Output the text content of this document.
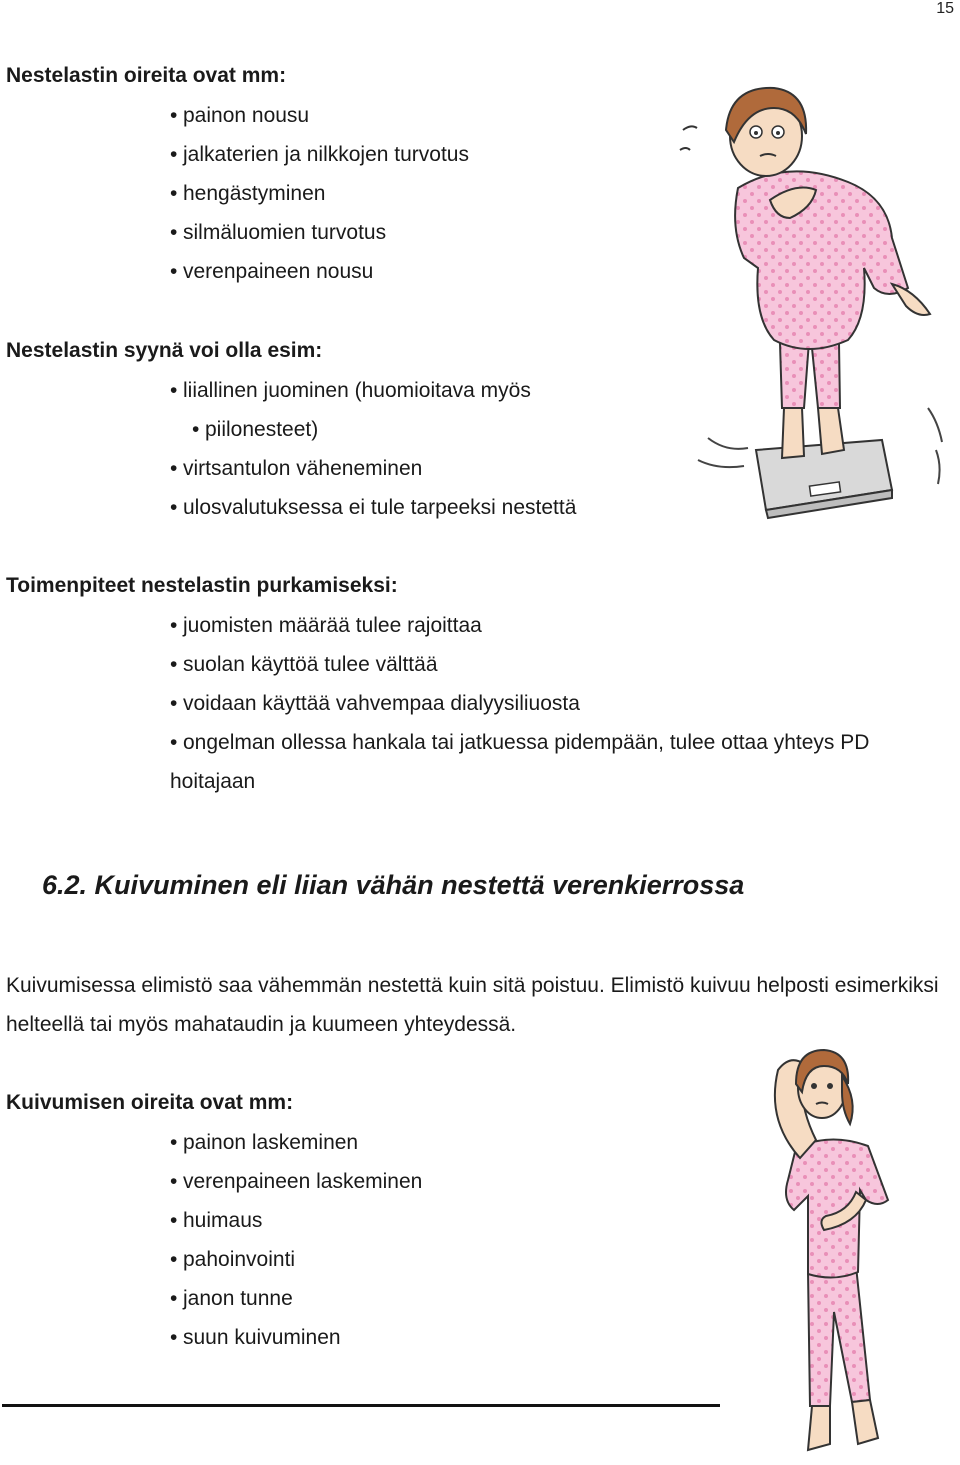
15
Nestelastin oireita ovat mm:
• painon nousu
• jalkaterien ja nilkkojen turvotus
• hengästyminen
• silmäluomien turvotus
• verenpaineen nousu
Nestelastin syynä voi olla esim:
• liiallinen juominen (huomioitava myös
• piilonesteet)
• virtsantulon väheneminen
• ulosvalutuksessa ei tule tarpeeksi nestettä
Toimenpiteet nestelastin purkamiseksi:
• juomisten määrää tulee rajoittaa
• suolan käyttöä tulee välttää
• voidaan käyttää vahvempaa dialyysiliuosta
• ongelman ollessa hankala tai jatkuessa pidempään, tulee ottaa yhteys PD hoitajaan
6.2. Kuivuminen eli liian vähän nestettä verenkierrossa

Kuivumisessa elimistö saa vähemmän nestettä kuin sitä poistuu. Elimistö kuivuu helposti esimerkiksi helteellä tai myös mahataudin ja kuumeen yhteydessä.

Kuivumisen oireita ovat mm:
• painon laskeminen
• verenpaineen laskeminen
• huimaus
• pahoinvointi
• janon tunne
• suun kuivuminen
